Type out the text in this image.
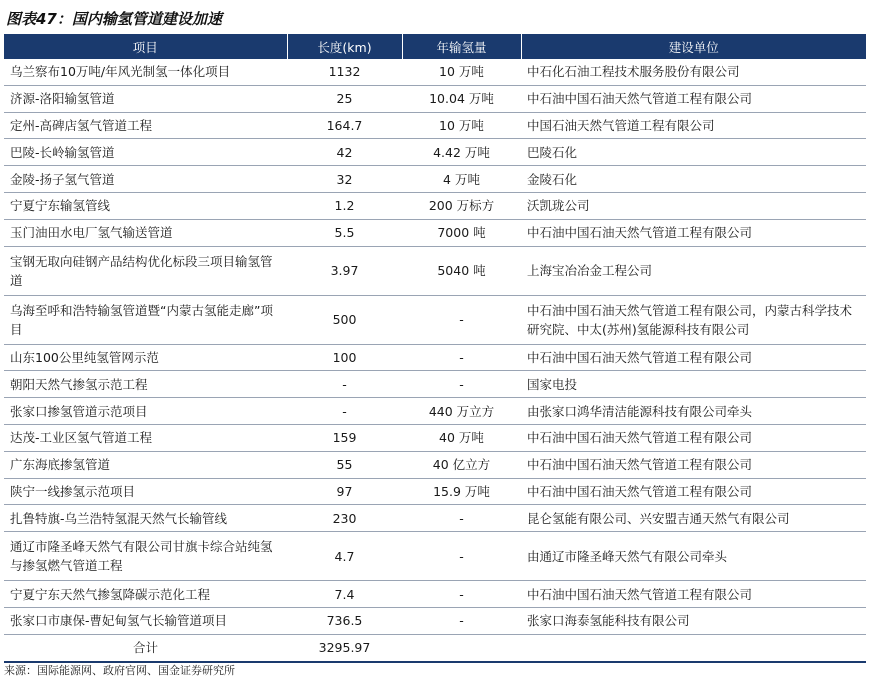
图表47：国内输氢管道建设加速
项目	长度(km)	年输氢量	建设单位
乌兰察布10万吨/年风光制氢一体化项目	1132	10 万吨	中石化石油工程技术服务股份有限公司
济源-洛阳输氢管道	25	10.04 万吨	中石油中国石油天然气管道工程有限公司
定州-高碑店氢气管道工程	164.7	10 万吨	中国石油天然气管道工程有限公司
巴陵-长岭输氢管道	42	4.42 万吨	巴陵石化
金陵-扬子氢气管道	32	4 万吨	金陵石化
宁夏宁东输氢管线	1.2	200 万标方	沃凯珑公司
玉门油田水电厂氢气输送管道	5.5	7000 吨	中石油中国石油天然气管道工程有限公司
宝钢无取向硅钢产品结构优化标段三项目输氢管道	3.97	5040 吨	上海宝冶冶金工程公司
乌海至呼和浩特输氢管道暨“内蒙古氢能走廊”项目	500	-	中石油中国石油天然气管道工程有限公司，内蒙古科学技术研究院、中太(苏州)氢能源科技有限公司
山东100公里纯氢管网示范	100	-	中石油中国石油天然气管道工程有限公司
朝阳天然气掺氢示范工程	-	-	国家电投
张家口掺氢管道示范项目	-	440 万立方	由张家口鸿华清洁能源科技有限公司牵头
达茂-工业区氢气管道工程	159	40 万吨	中石油中国石油天然气管道工程有限公司
广东海底掺氢管道	55	40 亿立方	中石油中国石油天然气管道工程有限公司
陕宁一线掺氢示范项目	97	15.9 万吨	中石油中国石油天然气管道工程有限公司
扎鲁特旗-乌兰浩特氢混天然气长输管线	230	-	昆仑氢能有限公司、兴安盟吉通天然气有限公司
通辽市隆圣峰天然气有限公司甘旗卡综合站纯氢与掺氢燃气管道工程	4.7	-	由通辽市隆圣峰天然气有限公司牵头
宁夏宁东天然气掺氢降碳示范化工程	7.4	-	中石油中国石油天然气管道工程有限公司
张家口市康保-曹妃甸氢气长输管道项目	736.5	-	张家口海泰氢能科技有限公司
合计	3295.97		
来源：国际能源网、政府官网、国金证券研究所
